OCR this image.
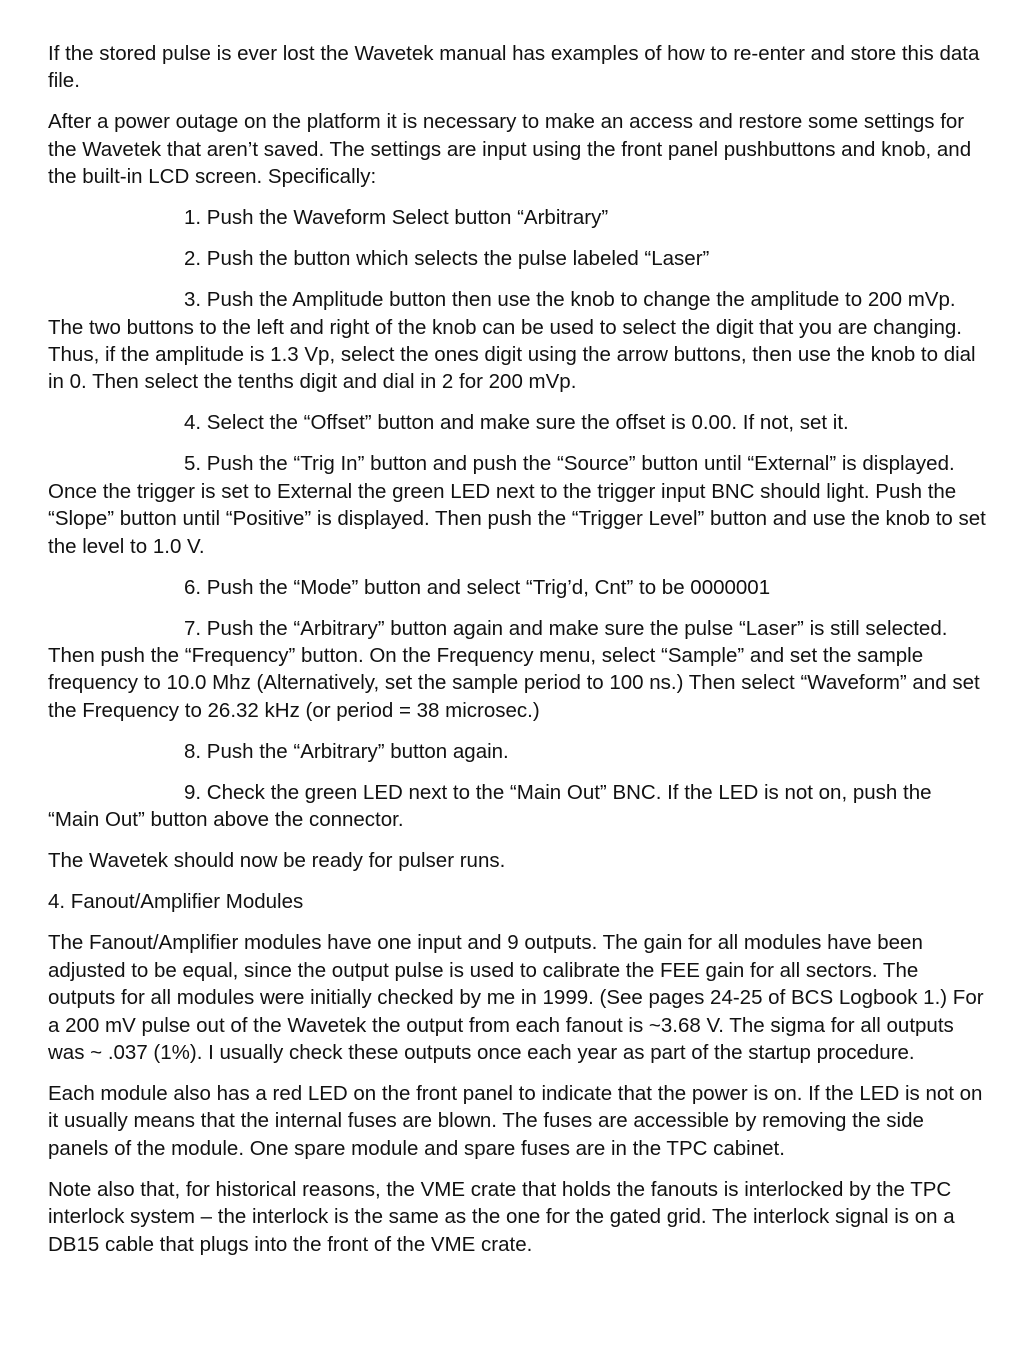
If the stored pulse is ever lost the Wavetek manual has examples of how to re-enter and store this data file.

After a power outage on the platform it is necessary to make an access and restore some settings for the Wavetek that aren’t saved. The settings are input using the front panel pushbuttons and knob, and the built-in LCD screen. Specifically:

1. Push the Waveform Select button “Arbitrary”

2. Push the button which selects the pulse labeled “Laser”

3. Push the Amplitude button then use the knob to change the amplitude to 200 mVp. The two buttons to the left and right of the knob can be used to select the digit that you are changing. Thus, if the amplitude is 1.3 Vp, select the ones digit using the arrow buttons, then use the knob to dial in 0. Then select the tenths digit and dial in 2 for 200 mVp.

4. Select the “Offset” button and make sure the offset is 0.00. If not, set it.

5. Push the “Trig In” button and push the “Source” button until “External” is displayed. Once the trigger is set to External the green LED next to the trigger input BNC should light. Push the “Slope” button until “Positive” is displayed. Then push the “Trigger Level” button and use the knob to set the level to 1.0 V.

6. Push the “Mode” button and select “Trig’d, Cnt” to be 0000001

7. Push the “Arbitrary” button again and make sure the pulse “Laser” is still selected. Then push the “Frequency” button. On the Frequency menu, select “Sample” and set the sample frequency to 10.0 Mhz (Alternatively, set the sample period to 100 ns.) Then select “Waveform” and set the Frequency to 26.32 kHz (or period = 38 microsec.)

8. Push the “Arbitrary” button again.

9. Check the green LED next to the “Main Out” BNC. If the LED is not on, push the “Main Out” button above the connector.

The Wavetek should now be ready for pulser runs.

4. Fanout/Amplifier Modules

The Fanout/Amplifier modules have one input and 9 outputs. The gain for all modules have been adjusted to be equal, since the output pulse is used to calibrate the FEE gain for all sectors. The outputs for all modules were initially checked by me in 1999. (See pages 24-25 of BCS Logbook 1.) For a 200 mV pulse out of the Wavetek the output from each fanout is ~3.68 V. The sigma for all outputs was ~ .037 (1%). I usually check these outputs once each year as part of the startup procedure.

Each module also has a red LED on the front panel to indicate that the power is on. If the LED is not on it usually means that the internal fuses are blown. The fuses are accessible by removing the side panels of the module. One spare module and spare fuses are in the TPC cabinet.

Note also that, for historical reasons, the VME crate that holds the fanouts is interlocked by the TPC interlock system – the interlock is the same as the one for the gated grid. The interlock signal is on a DB15 cable that plugs into the front of the VME crate.
